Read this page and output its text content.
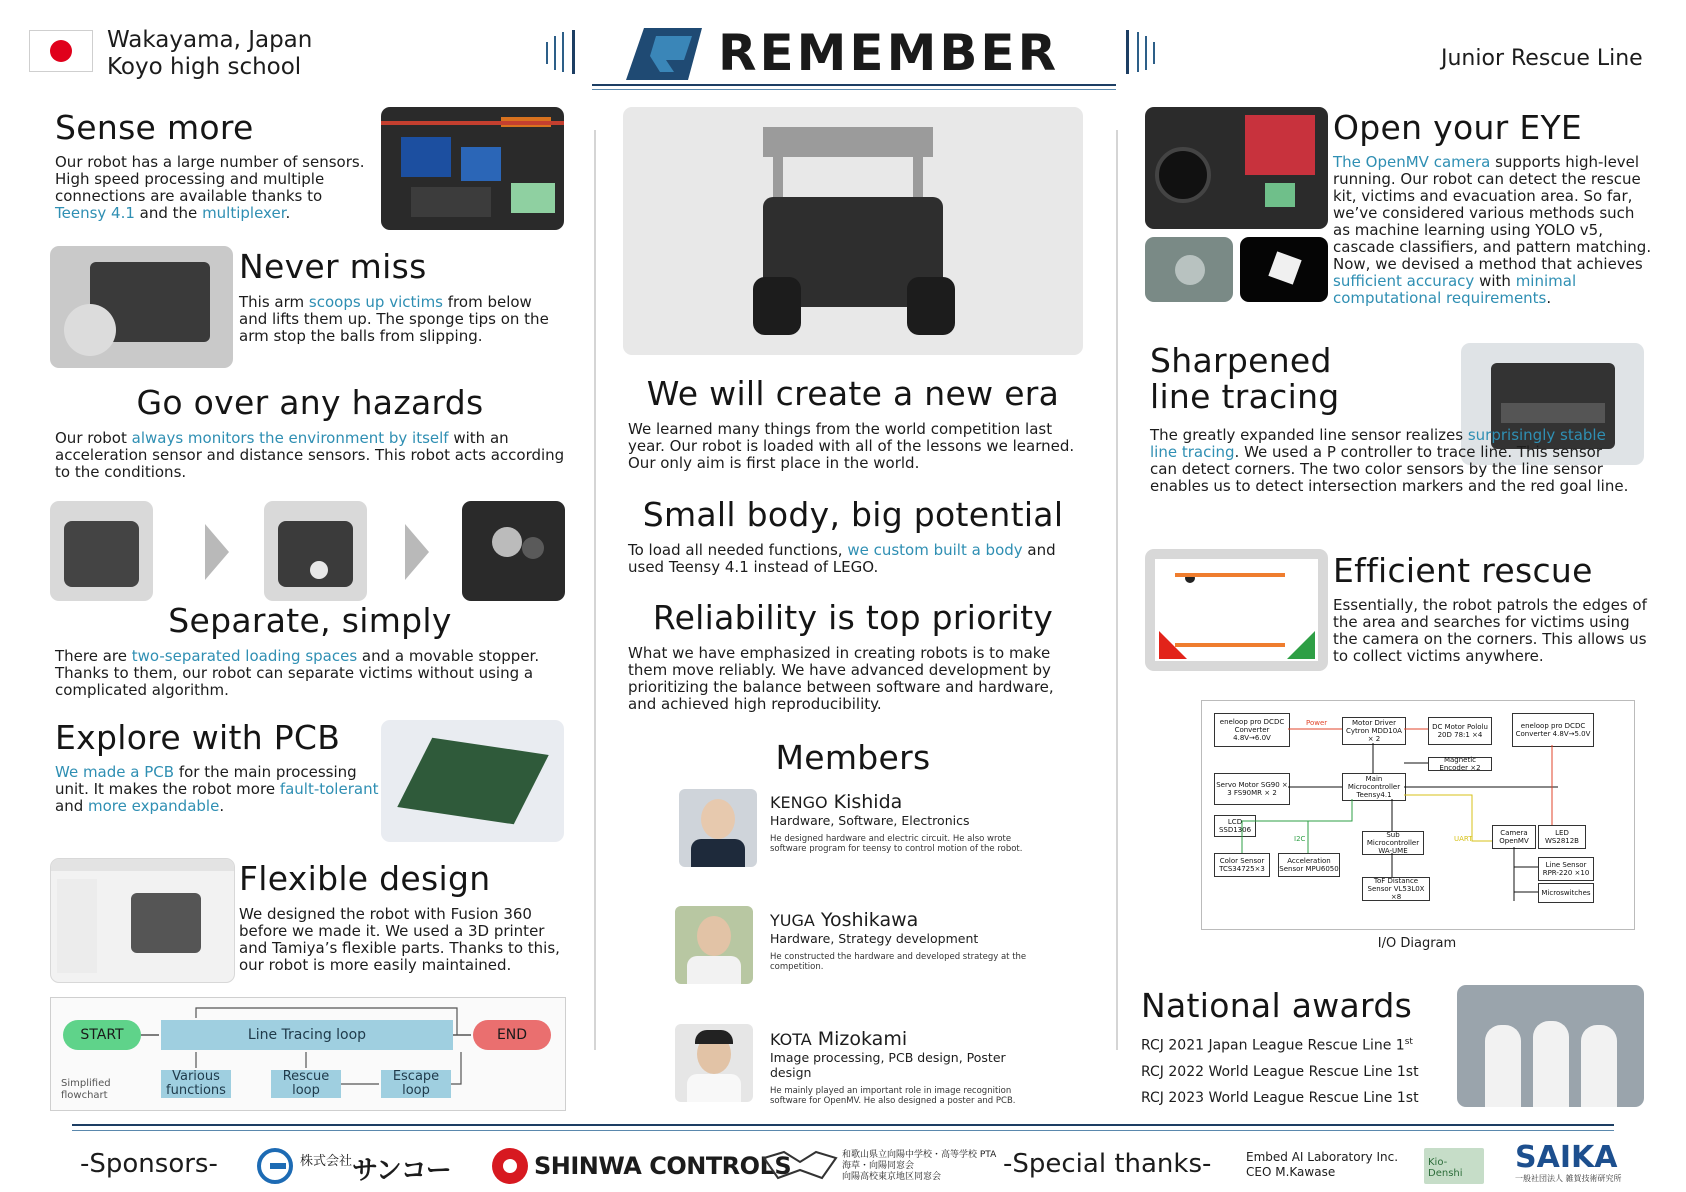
Wakayama, Japan
Koyo high school	REMEMBER	Junior Rescue Line
Sense more

Our robot has a large number of sensors. High speed processing and multiple connections are available thanks to Teensy 4.1 and the multiplexer.

Never miss

This arm scoops up victims from below and lifts them up. The sponge tips on the arm stop the balls from slipping.

Go over any hazards

Our robot always monitors the environment by itself with an acceleration sensor and distance sensors. This robot acts according to the conditions.

Separate, simply

There are two-separated loading spaces and a movable stopper. Thanks to them, our robot can separate victims without using a complicated algorithm.

Explore with PCB

We made a PCB for the main processing unit. It makes the robot more fault-tolerant and more expandable.

Flexible design

We designed the robot with Fusion 360 before we made it. We used a 3D printer and Tamiya’s flexible parts. Thanks to this, our robot is more easily maintained.

START	Line Tracing loop	END
Various functions
Rescue loop
Escape loop
Simplified flowchart
We will create a new era

We learned many things from the world competition last year. Our robot is loaded with all of the lessons we learned. Our only aim is first place in the world.

Small body, big potential

To load all needed functions, we custom built a body and used Teensy 4.1 instead of LEGO.

Reliability is top priority

What we have emphasized in creating robots is to make them move reliably. We have advanced development by prioritizing the balance between software and hardware, and achieved high reproducibility.

Members

KENGO Kishida

Hardware, Software, Electronics

He designed hardware and electric circuit. He also wrote software program for teensy to control motion of the robot.

YUGA Yoshikawa

Hardware, Strategy development

He constructed the hardware and developed strategy at the competition.

KOTA Mizokami

Image processing, PCB design, Poster design

He mainly played an important role in image recognition software for OpenMV. He also designed a poster and PCB.
Open your EYE

The OpenMV camera supports high-level running. Our robot can detect the rescue kit, victims and evacuation area. So far, we’ve considered various methods such as machine learning using YOLO v5, cascade classifiers, and pattern matching. Now, we devised a method that achieves sufficient accuracy with minimal computational requirements.

Sharpened
line tracing

The greatly expanded line sensor realizes surprisingly stable line tracing. We used a P controller to trace line. This sensor can detect corners. The two color sensors by the line sensor enables us to detect intersection markers and the red goal line.

Efficient rescue

Essentially, the robot patrols the edges of the area and searches for victims using the camera on the corners. This allows us to collect victims anywhere.

eneloop pro DCDC Converter 4.8V→6.0V
Motor Driver Cytron MDD10A × 2
DC Motor Pololu 20D 78:1 ×4
eneloop pro DCDC Converter 4.8V→5.0V
Magnetic Encoder ×2
Servo Motor SG90 × 3 FS90MR × 2
Main Microcontroller Teensy4.1
LCD SSD1306
Sub Microcontroller WA-UME
Camera OpenMV
LED WS2812B
Color Sensor TCS34725×3
Acceleration Sensor MPU6050	Line Sensor RPR-220 ×10
ToF Distance Sensor VL53L0X ×8	Microswitches
Power
I2C	UART
I/O Diagram
National awards
RCJ 2021 Japan League Rescue Line 1st
RCJ 2022 World League Rescue Line 1st
RCJ 2023 World League Rescue Line 1st
-Sponsors-	$^{株式会社}$サンコー	SHINWA CONTROLS	和歌山県立向陽中学校・高等学校 PTA
海草・向陽同窓会
向陽高校東京地区同窓会	-Special thanks-	Embed AI Laboratory Inc.
CEO M.Kawase
Kio-Denshi	SAIKA
一般社団法人 雑賀技術研究所
